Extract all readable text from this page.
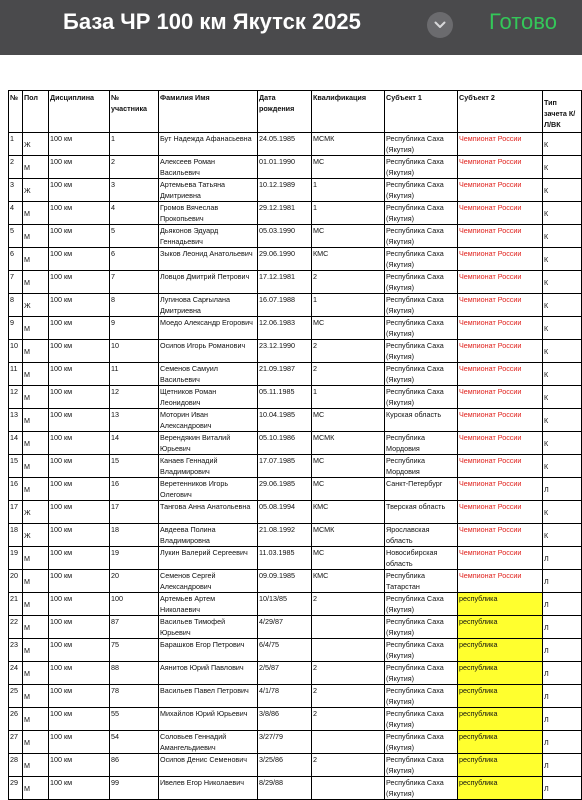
База ЧР 100 км Якутск 2025	Готово
№	Пол	Дисциплина	№ участника	Фамилия Имя	Дата рождения	Квалификация	Субъект 1	Субъект 2	Тип зачета К/Л/ВК
1	Ж	100 км	1	Бут Надежда Афанасьевна	24.05.1985	МСМК	Республика Саха (Якутия)	Чемпионат России	К

2	М	100 км	2	Алексеев Роман Васильевич	01.01.1990	МС	Республика Саха (Якутия)	Чемпионат России	К

3	Ж	100 км	3	Артемьева Татьяна Дмитриевна	10.12.1989	1	Республика Саха (Якутия)	Чемпионат России	К

4	М	100 км	4	Громов Вячеслав Прокопьевич	29.12.1981	1	Республика Саха (Якутия)	Чемпионат России	К

5	М	100 км	5	Дьяконов Эдуард Геннадьевич	05.03.1990	МС	Республика Саха (Якутия)	Чемпионат России	К

6	М	100 км	6	Зыков Леонид Анатольевич	29.06.1990	КМС	Республика Саха (Якутия)	Чемпионат России	К

7	М	100 км	7	Ловцов Дмитрий Петрович	17.12.1981	2	Республика Саха (Якутия)	Чемпионат России	К

8	Ж	100 км	8	Лугинова Сарғылана Дмитриевна	16.07.1988	1	Республика Саха (Якутия)	Чемпионат России	К

9	М	100 км	9	Моедо Александр Егорович	12.06.1983	МС	Республика Саха (Якутия)	Чемпионат России	К

10	М	100 км	10	Осипов Игорь Романович	23.12.1990	2	Республика Саха (Якутия)	Чемпионат России	К

11	М	100 км	11	Семенов Самуил Васильевич	21.09.1987	2	Республика Саха (Якутия)	Чемпионат России	К

12	М	100 км	12	Щетников Роман Леонидович	05.11.1985	1	Республика Саха (Якутия)	Чемпионат России	К

13	М	100 км	13	Моторин Иван Александрович	10.04.1985	МС	Курская область	Чемпионат России	К

14	М	100 км	14	Верендякин Виталий Юрьевич	05.10.1986	МСМК	Республика Мордовия	Чемпионат России	К

15	М	100 км	15	Канаев Геннадий Владимирович	17.07.1985	МС	Республика Мордовия	Чемпионат России	К

16	М	100 км	16	Веретенников Игорь Олегович	29.06.1985	МС	Санкт-Петербург	Чемпионат России	Л

17	Ж	100 км	17	Тангова Анна Анатольевна	05.08.1994	КМС	Тверская область	Чемпионат России	К

18	Ж	100 км	18	Авдеева Полина Владимировна	21.08.1992	МСМК	Ярославская область	Чемпионат России	К

19	М	100 км	19	Лукин Валерий Сергеевич	11.03.1985	МС	Новосибирская область	Чемпионат России	Л

20	М	100 км	20	Семенов Сергей Александрович	09.09.1985	КМС	Республика Татарстан	Чемпионат России	Л

21	М	100 км	100	Артемьев Артем Николаевич	10/13/85	2	Республика Саха (Якутия)	республика	Л

22	М	100 км	87	Васильев Тимофей Юрьевич	4/29/87		Республика Саха (Якутия)	республика	Л

23	М	100 км	75	Барашков Егор Петрович	6/4/75		Республика Саха (Якутия)	республика	Л

24	М	100 км	88	Аянитов Юрий Павлович	2/5/87	2	Республика Саха (Якутия)	республика	Л

25	М	100 км	78	Васильев Павел Петрович	4/1/78	2	Республика Саха (Якутия)	республика	Л

26	М	100 км	55	Михайлов Юрий Юрьевич	3/8/86	2	Республика Саха (Якутия)	республика	Л

27	М	100 км	54	Соловьев Геннадий Амангельдиевич	3/27/79		Республика Саха (Якутия)	республика	Л

28	М	100 км	86	Осипов Денис Семенович	3/25/86	2	Республика Саха (Якутия)	республика	Л

29	М	100 км	99	Ивелев Егор Николаевич	8/29/88		Республика Саха (Якутия)	республика	Л
